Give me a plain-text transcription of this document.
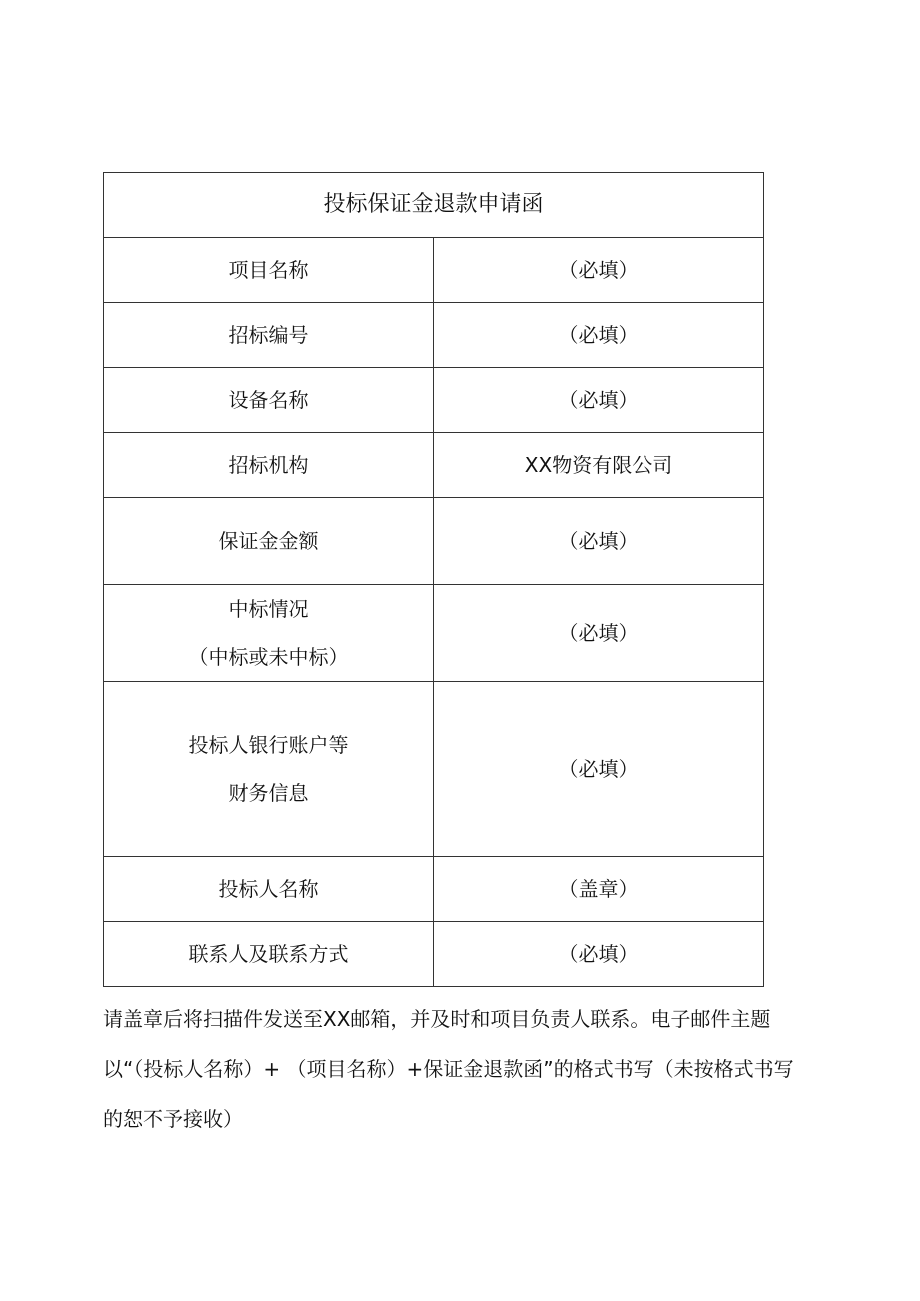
投标保证金退款申请函	
项目名称	（必填）
招标编号	（必填）
设备名称	（必填）
招标机构	XX物资有限公司
保证金金额	（必填）

中标情况
（中标或未中标）	（必填）

投标人银行账户等
财务信息	（必填）
投标人名称	（盖章）
联系人及联系方式	（必填）

请盖章后将扫描件发送至XX邮箱，并及时和项目负责人联系。电子邮件主题以“（投标人名称）+ （项目名称）+保证金退款函”的格式书写（未按格式书写的恕不予接收）
